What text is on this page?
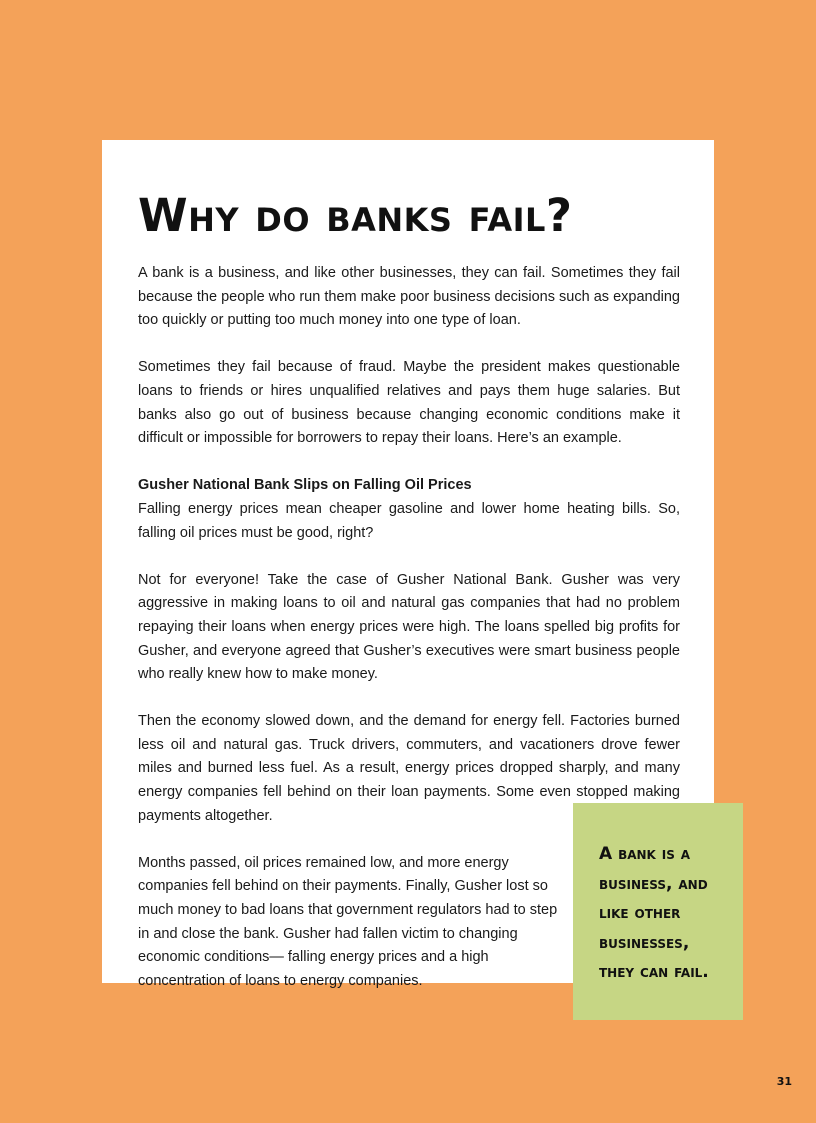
Why do banks fail?

A bank is a business, and like other businesses, they can fail. Sometimes they fail because the people who run them make poor business decisions such as expanding too quickly or putting too much money into one type of loan.

Sometimes they fail because of fraud. Maybe the president makes questionable loans to friends or hires unqualified relatives and pays them huge salaries. But banks also go out of business because changing economic conditions make it difficult or impossible for borrowers to repay their loans. Here’s an example.

Gusher National Bank Slips on Falling Oil Prices

Falling energy prices mean cheaper gasoline and lower home heating bills. So, falling oil prices must be good, right?

Not for everyone! Take the case of Gusher National Bank. Gusher was very aggressive in making loans to oil and natural gas companies that had no problem repaying their loans when energy prices were high. The loans spelled big profits for Gusher, and everyone agreed that Gusher’s executives were smart business people who really knew how to make money.

Then the economy slowed down, and the demand for energy fell. Factories burned less oil and natural gas. Truck drivers, commuters, and vacationers drove fewer miles and burned less fuel. As a result, energy prices dropped sharply, and many energy companies fell behind on their loan payments. Some even stopped making payments altogether.

Months passed, oil prices remained low, and more energy companies fell behind on their payments. Finally, Gusher lost so much money to bad loans that government regulators had to step in and close the bank. Gusher had fallen victim to changing economic conditions— falling energy prices and a high concentration of loans to energy companies.

A bank is a
business, and
like other
businesses,
they can fail.

31
